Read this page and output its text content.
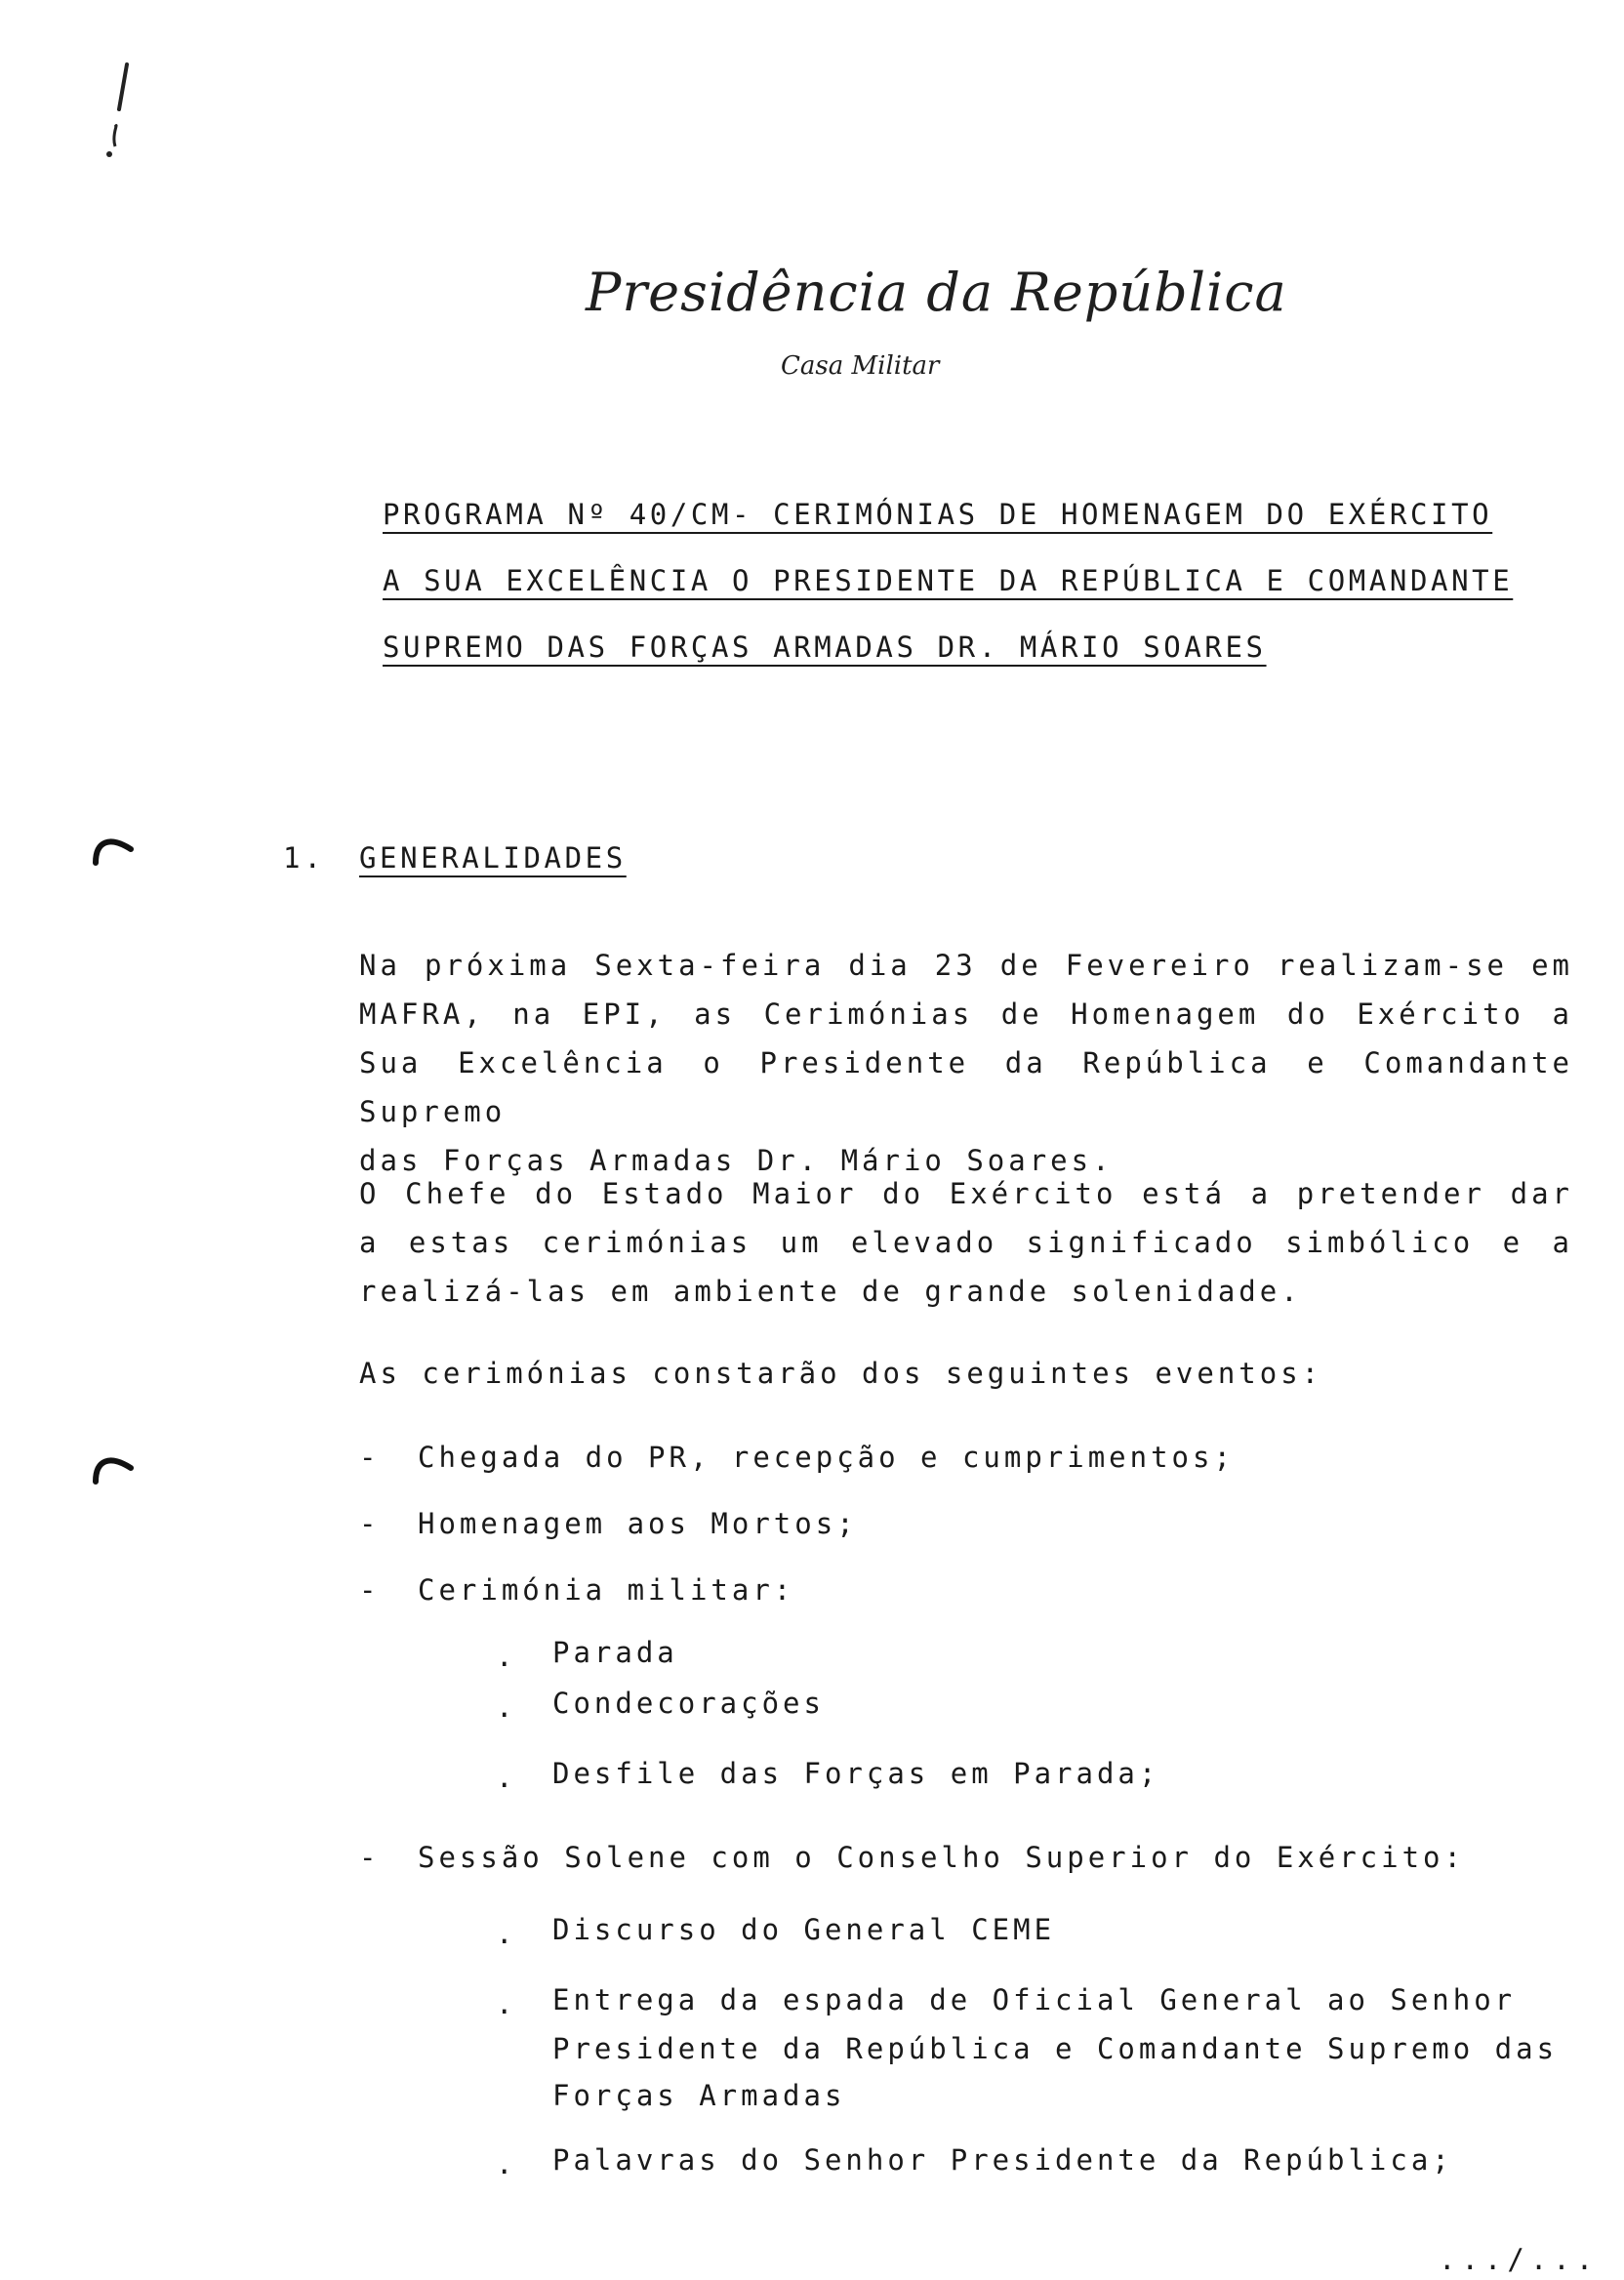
Presidência da República
Casa Militar
PROGRAMA Nº 40/CM- CERIMÓNIAS DE HOMENAGEM DO EXÉRCITO
A SUA EXCELÊNCIA O PRESIDENTE DA REPÚBLICA E COMANDANTE
SUPREMO DAS FORÇAS ARMADAS DR. MÁRIO SOARES
1. GENERALIDADES
Na próxima Sexta-feira dia 23 de Fevereiro realizam-se em
MAFRA, na EPI, as Cerimónias de Homenagem do Exército a
Sua Excelência o Presidente da República e Comandante Supremo
das Forças Armadas Dr. Mário Soares.
O Chefe do Estado Maior do Exército está a pretender dar
a estas cerimónias um elevado significado simbólico e a
realizá-las em ambiente de grande solenidade.
As cerimónias constarão dos seguintes eventos:
- Chegada do PR, recepção e cumprimentos;
- Homenagem aos Mortos;
- Cerimónia militar:
. Parada
. Condecorações
. Desfile das Forças em Parada;
- Sessão Solene com o Conselho Superior do Exército:
. Discurso do General CEME
. Entrega da espada de Oficial General ao Senhor
Presidente da República e Comandante Supremo das
Forças Armadas
. Palavras do Senhor Presidente da República;
.../...
